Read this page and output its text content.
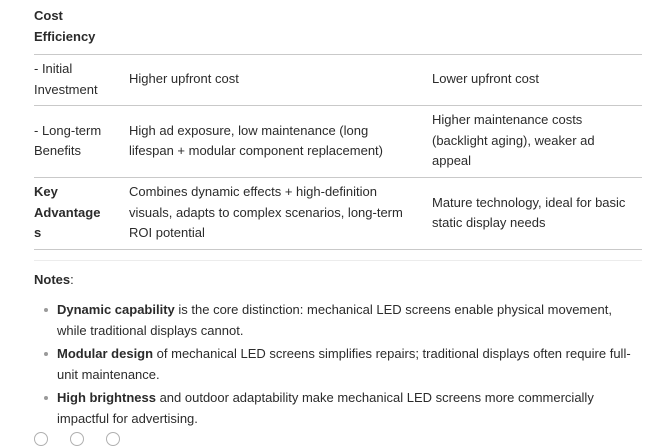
Cost
Efficiency		
- Initial
Investment	Higher upfront cost	Lower upfront cost
- Long-term
Benefits	High ad exposure, low maintenance (long
lifespan + modular component replacement)	Higher maintenance costs
(backlight aging), weaker ad
appeal
Key
Advantage
s	Combines dynamic effects + high-definition
visuals, adapts to complex scenarios, long-term
ROI potential	Mature technology, ideal for basic
static display needs
Notes:
Dynamic capability is the core distinction: mechanical LED screens enable physical movement,
while traditional displays cannot.
Modular design of mechanical LED screens simplifies repairs; traditional displays often require full-
unit maintenance.
High brightness and outdoor adaptability make mechanical LED screens more commercially
impactful for advertising.
